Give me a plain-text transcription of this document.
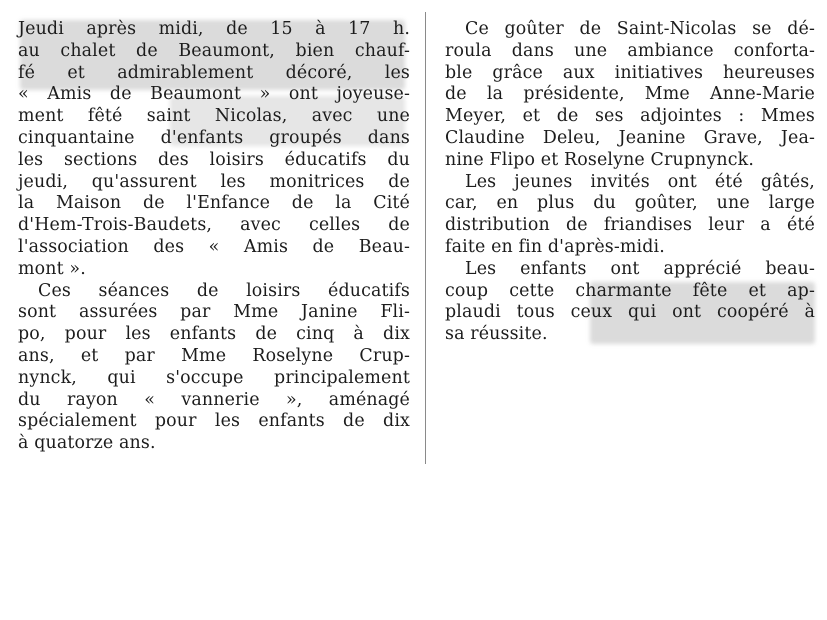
Jeudi après midi, de 15 à 17 h.
au chalet de Beaumont, bien chauf-
fé et admirablement décoré, les
« Amis de Beaumont » ont joyeuse-
ment fêté saint Nicolas, avec une
cinquantaine d'enfants groupés dans
les sections des loisirs éducatifs du
jeudi, qu'assurent les monitrices de
la Maison de l'Enfance de la Cité
d'Hem-Trois-Baudets, avec celles de
l'association des « Amis de Beau-
mont ».

Ces séances de loisirs éducatifs
sont assurées par Mme Janine Fli-
po, pour les enfants de cinq à dix
ans, et par Mme Roselyne Crup-
nynck, qui s'occupe principalement
du rayon « vannerie », aménagé
spécialement pour les enfants de dix
à quatorze ans.

Ce goûter de Saint-Nicolas se dé-
roula dans une ambiance conforta-
ble grâce aux initiatives heureuses
de la présidente, Mme Anne-Marie
Meyer, et de ses adjointes : Mmes
Claudine Deleu, Jeanine Grave, Jea-
nine Flipo et Roselyne Crupnynck.

Les jeunes invités ont été gâtés,
car, en plus du goûter, une large
distribution de friandises leur a été
faite en fin d'après-midi.

Les enfants ont apprécié beau-
coup cette charmante fête et ap-
plaudi tous ceux qui ont coopéré à
sa réussite.
